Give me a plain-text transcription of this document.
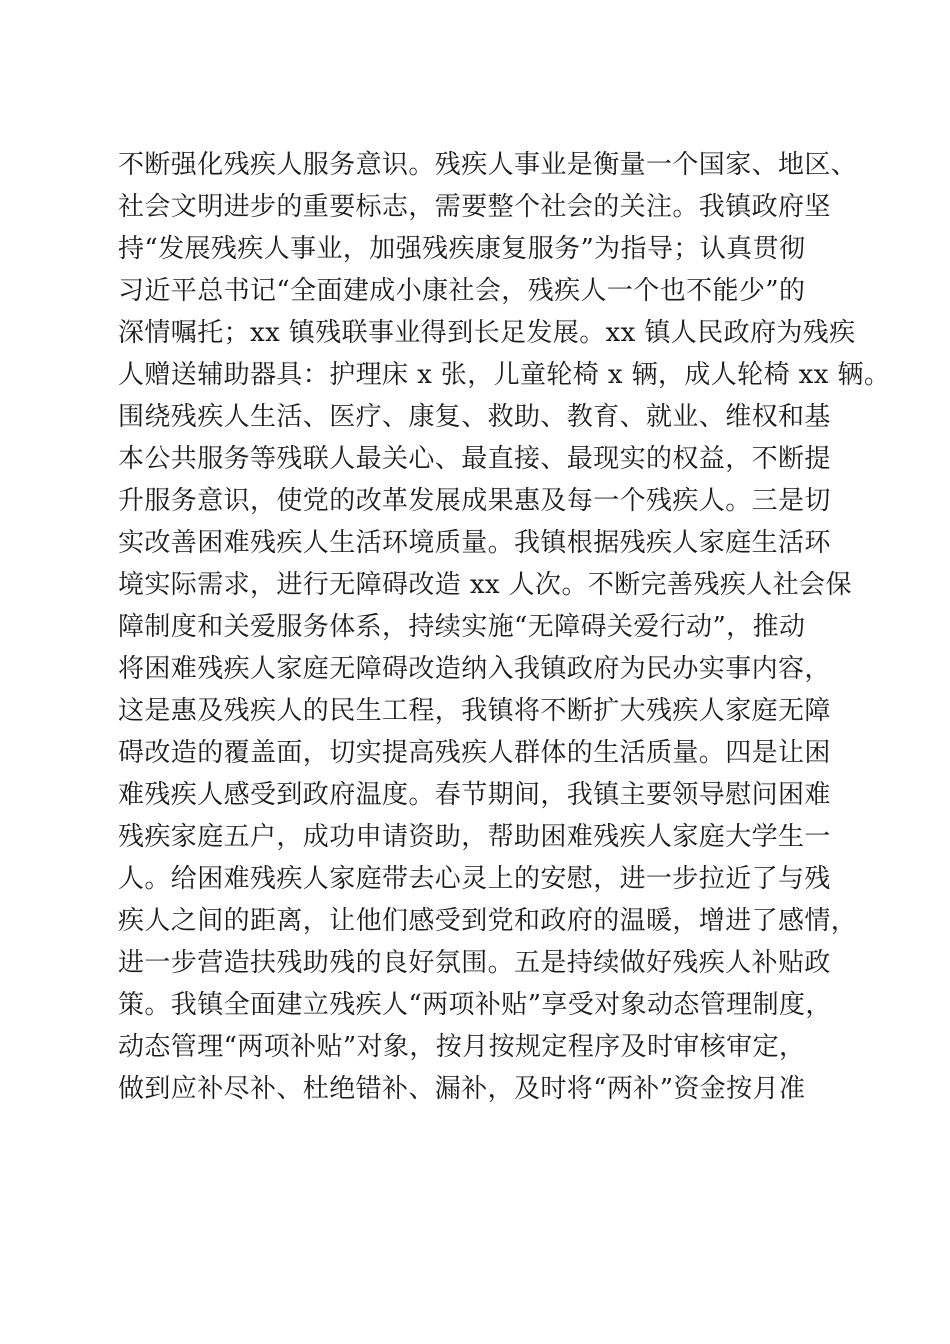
不断强化残疾人服务意识。残疾人事业是衡量一个国家、地区、
社会文明进步的重要标志，需要整个社会的关注。我镇政府坚
持“发展残疾人事业，加强残疾康复服务”为指导；认真贯彻
习近平总书记“全面建成小康社会，残疾人一个也不能少”的
深情嘱托；xx 镇残联事业得到长足发展。xx 镇人民政府为残疾
人赠送辅助器具：护理床 x 张，儿童轮椅 x 辆，成人轮椅 xx 辆。
围绕残疾人生活、医疗、康复、救助、教育、就业、维权和基
本公共服务等残联人最关心、最直接、最现实的权益，不断提
升服务意识，使党的改革发展成果惠及每一个残疾人。三是切
实改善困难残疾人生活环境质量。我镇根据残疾人家庭生活环
境实际需求，进行无障碍改造 xx 人次。不断完善残疾人社会保
障制度和关爱服务体系，持续实施“无障碍关爱行动”，推动
将困难残疾人家庭无障碍改造纳入我镇政府为民办实事内容，
这是惠及残疾人的民生工程，我镇将不断扩大残疾人家庭无障
碍改造的覆盖面，切实提高残疾人群体的生活质量。四是让困
难残疾人感受到政府温度。春节期间，我镇主要领导慰问困难
残疾家庭五户，成功申请资助，帮助困难残疾人家庭大学生一
人。给困难残疾人家庭带去心灵上的安慰，进一步拉近了与残
疾人之间的距离，让他们感受到党和政府的温暖，增进了感情，
进一步营造扶残助残的良好氛围。五是持续做好残疾人补贴政
策。我镇全面建立残疾人“两项补贴”享受对象动态管理制度，
动态管理“两项补贴”对象，按月按规定程序及时审核审定，
做到应补尽补、杜绝错补、漏补，及时将“两补”资金按月准
